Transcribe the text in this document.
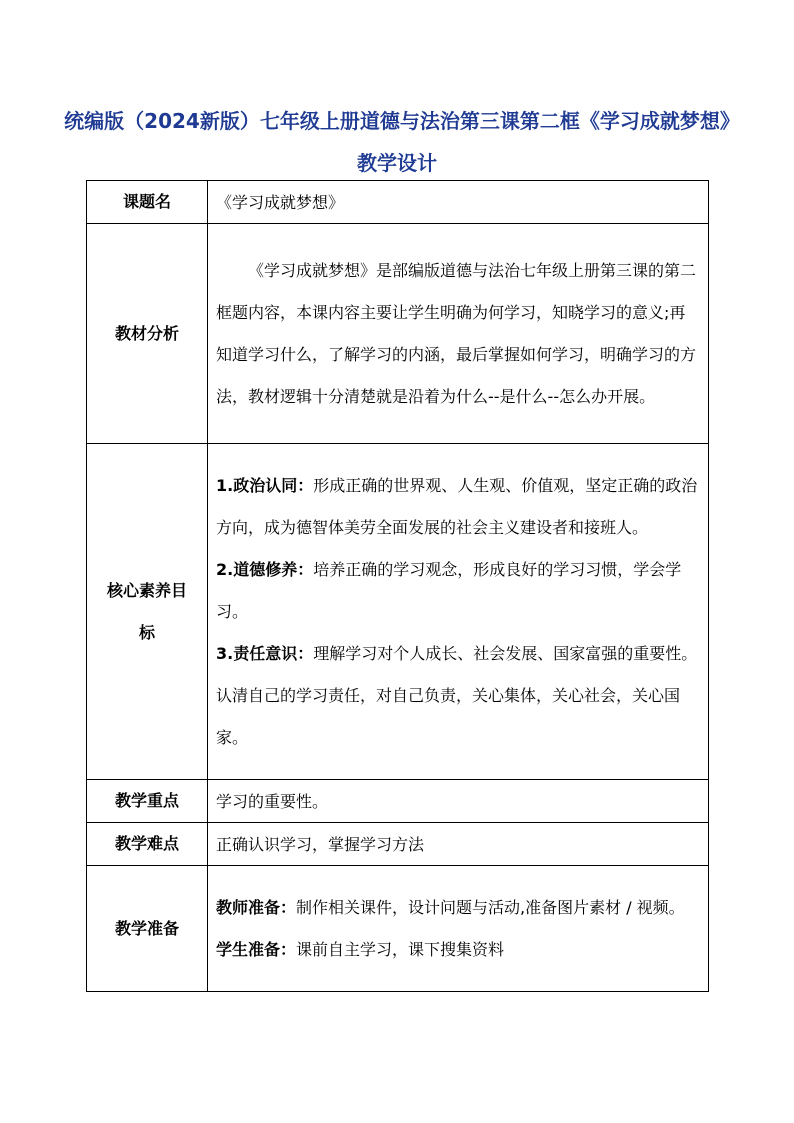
统编版（2024新版）七年级上册道德与法治第三课第二框《学习成就梦想》教学设计
课题名	《学习成就梦想》
教材分析	《学习成就梦想》是部编版道德与法治七年级上册第三课的第二框题内容，本课内容主要让学生明确为何学习，知晓学习的意义;再知道学习什么，了解学习的内涵，最后掌握如何学习，明确学习的方法，教材逻辑十分清楚就是沿着为什么--是什么--怎么办开展。

核心素养目标	1.政治认同：形成正确的世界观、人生观、价值观，坚定正确的政治方向，成为德智体美劳全面发展的社会主义建设者和接班人。
2.道德修养：培养正确的学习观念，形成良好的学习习惯，学会学习。
3.责任意识：理解学习对个人成长、社会发展、国家富强的重要性。认清自己的学习责任，对自己负责，关心集体，关心社会，关心国家。

教学重点	学习的重要性。
教学难点	正确认识学习，掌握学习方法
教学准备	教师准备：制作相关课件，设计问题与活动,准备图片素材 / 视频。
学生准备：课前自主学习，课下搜集资料
